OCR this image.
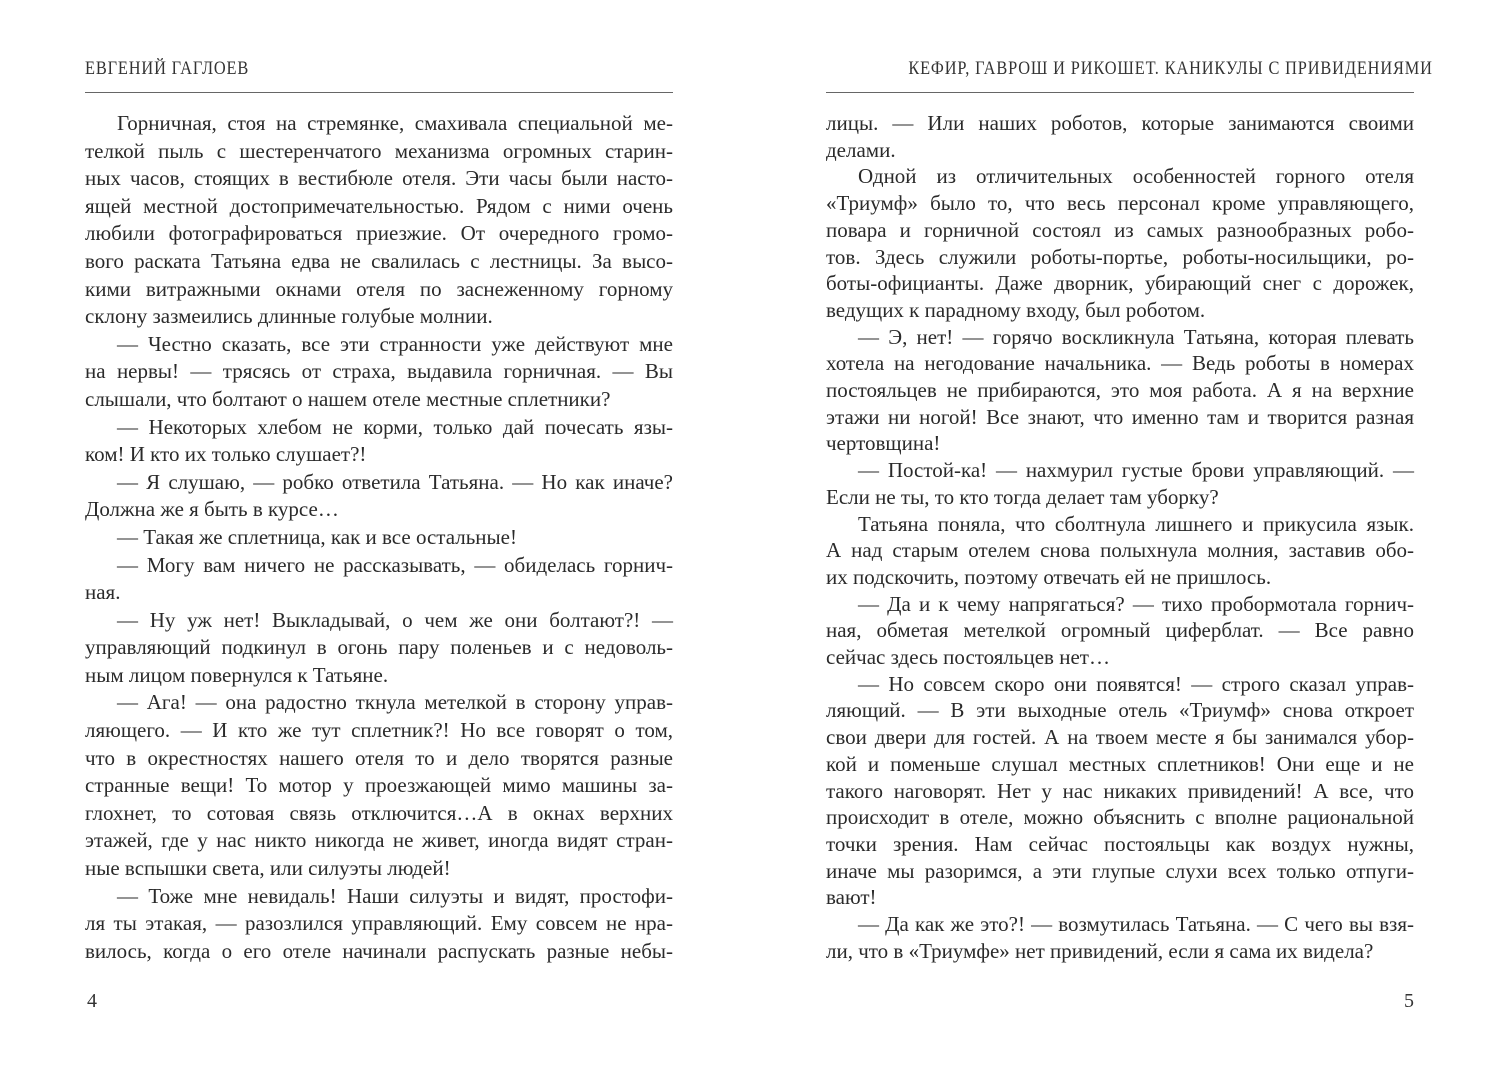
ЕВГЕНИЙ ГАГЛОЕВ
Горничная, стоя на стремянке, смахивала специальной ме-
телкой пыль с шестеренчатого механизма огромных старин-
ных часов, стоящих в вестибюле отеля. Эти часы были насто-
ящей местной достопримечательностью. Рядом с ними очень
любили фотографироваться приезжие. От очередного громо-
вого раската Татьяна едва не свалилась с лестницы. За высо-
кими витражными окнами отеля по заснеженному горному
склону зазмеились длинные голубые молнии.
— Честно сказать, все эти странности уже действуют мне
на нервы! — трясясь от страха, выдавила горничная. — Вы
слышали, что болтают о нашем отеле местные сплетники?
— Некоторых хлебом не корми, только дай почесать язы-
ком! И кто их только слушает?!
— Я слушаю, — робко ответила Татьяна. — Но как иначе?
Должна же я быть в курсе…
— Такая же сплетница, как и все остальные!
— Могу вам ничего не рассказывать, — обиделась горнич-
ная.
— Ну уж нет! Выкладывай, о чем же они болтают?! —
управляющий подкинул в огонь пару поленьев и с недоволь-
ным лицом повернулся к Татьяне.
— Ага! — она радостно ткнула метелкой в сторону управ-
ляющего. — И кто же тут сплетник?! Но все говорят о том,
что в окрестностях нашего отеля то и дело творятся разные
странные вещи! То мотор у проезжающей мимо машины за-
глохнет, то сотовая связь отключится…А в окнах верхних
этажей, где у нас никто никогда не живет, иногда видят стран-
ные вспышки света, или силуэты людей!
— Тоже мне невидаль! Наши силуэты и видят, простофи-
ля ты этакая, — разозлился управляющий. Ему совсем не нра-
вилось, когда о его отеле начинали распускать разные небы-
4
КЕФИР, ГАВРОШ И РИКОШЕТ. КАНИКУЛЫ С ПРИВИДЕНИЯМИ
лицы. — Или наших роботов, которые занимаются своими
делами.
Одной из отличительных особенностей горного отеля
«Триумф» было то, что весь персонал кроме управляющего,
повара и горничной состоял из самых разнообразных робо-
тов. Здесь служили роботы-портье, роботы-носильщики, ро-
боты-официанты. Даже дворник, убирающий снег с дорожек,
ведущих к парадному входу, был роботом.
— Э, нет! — горячо воскликнула Татьяна, которая плевать
хотела на негодование начальника. — Ведь роботы в номерах
постояльцев не прибираются, это моя работа. А я на верхние
этажи ни ногой! Все знают, что именно там и творится разная
чертовщина!
— Постой-ка! — нахмурил густые брови управляющий. —
Если не ты, то кто тогда делает там уборку?
Татьяна поняла, что сболтнула лишнего и прикусила язык.
А над старым отелем снова полыхнула молния, заставив обо-
их подскочить, поэтому отвечать ей не пришлось.
— Да и к чему напрягаться? — тихо пробормотала горнич-
ная, обметая метелкой огромный циферблат. — Все равно
сейчас здесь постояльцев нет…
— Но совсем скоро они появятся! — строго сказал управ-
ляющий. — В эти выходные отель «Триумф» снова откроет
свои двери для гостей. А на твоем месте я бы занимался убор-
кой и поменьше слушал местных сплетников! Они еще и не
такого наговорят. Нет у нас никаких привидений! А все, что
происходит в отеле, можно объяснить с вполне рациональной
точки зрения. Нам сейчас постояльцы как воздух нужны,
иначе мы разоримся, а эти глупые слухи всех только отпуги-
вают!
— Да как же это?! — возмутилась Татьяна. — С чего вы взя-
ли, что в «Триумфе» нет привидений, если я сама их видела?
5
